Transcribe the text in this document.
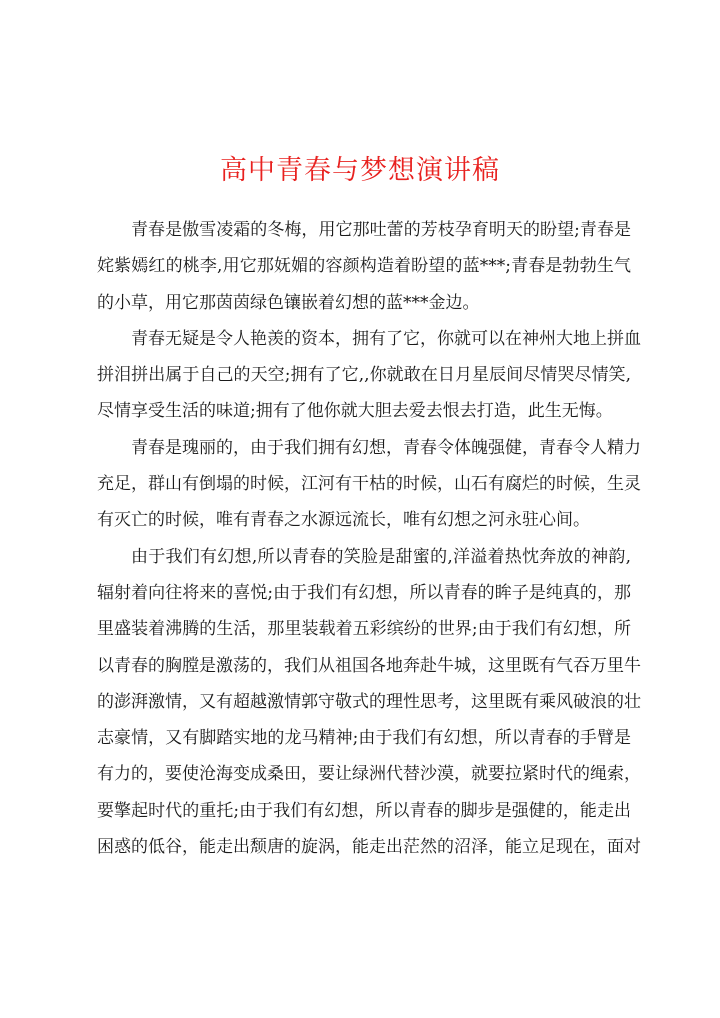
高中青春与梦想演讲稿

青春是傲雪凌霜的冬梅，用它那吐蕾的芳枝孕育明天的盼望;青春是
姹紫嫣红的桃李,用它那妩媚的容颜构造着盼望的蓝***;青春是勃勃生气
的小草，用它那茵茵绿色镶嵌着幻想的蓝***金边。

青春无疑是令人艳羡的资本，拥有了它，你就可以在神州大地上拼血
拼泪拼出属于自己的天空;拥有了它,,你就敢在日月星辰间尽情哭尽情笑,
尽情享受生活的味道;拥有了他你就大胆去爱去恨去打造，此生无悔。

青春是瑰丽的，由于我们拥有幻想，青春令体魄强健，青春令人精力
充足，群山有倒塌的时候，江河有干枯的时候，山石有腐烂的时候，生灵
有灭亡的时候，唯有青春之水源远流长，唯有幻想之河永驻心间。

由于我们有幻想,所以青春的笑脸是甜蜜的,洋溢着热忱奔放的神韵,
辐射着向往将来的喜悦;由于我们有幻想，所以青春的眸子是纯真的，那
里盛装着沸腾的生活，那里装载着五彩缤纷的世界;由于我们有幻想，所
以青春的胸膛是激荡的，我们从祖国各地奔赴牛城，这里既有气吞万里牛
的澎湃激情，又有超越激情郭守敬式的理性思考，这里既有乘风破浪的壮
志豪情，又有脚踏实地的龙马精神;由于我们有幻想，所以青春的手臂是
有力的，要使沧海变成桑田，要让绿洲代替沙漠，就要拉紧时代的绳索，
要擎起时代的重托;由于我们有幻想，所以青春的脚步是强健的，能走出
困惑的低谷，能走出颓唐的旋涡，能走出茫然的沼泽，能立足现在，面对
